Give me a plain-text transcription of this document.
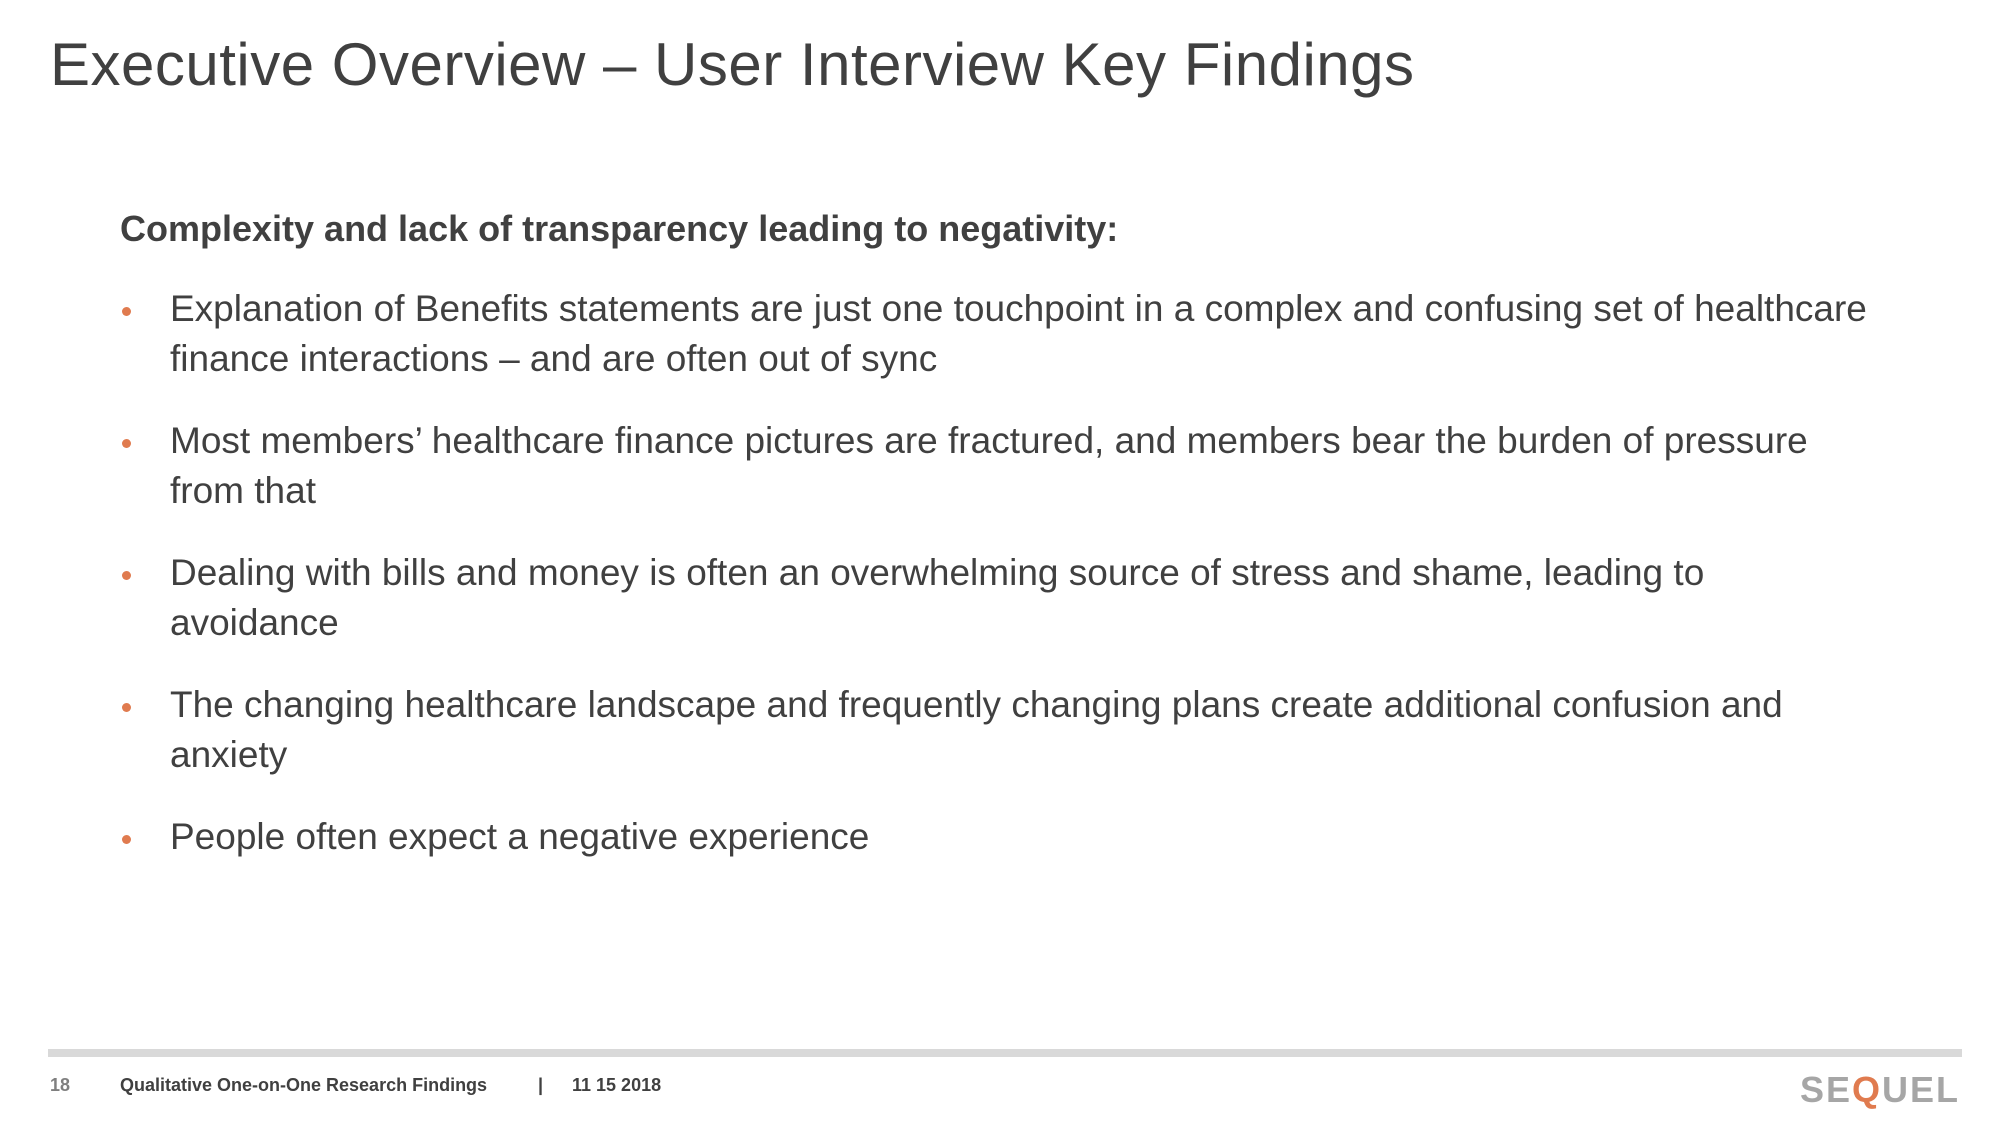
Executive Overview – User Interview Key Findings

Complexity and lack of transparency leading to negativity:

Explanation of Benefits statements are just one touchpoint in a complex and confusing set of healthcare finance interactions – and are often out of sync
Most members’ healthcare finance pictures are fractured, and members bear the burden of pressure from that
Dealing with bills and money is often an overwhelming source of stress and shame, leading to avoidance
The changing healthcare landscape and frequently changing plans create additional confusion and anxiety
People often expect a negative experience
18	Qualitative One-on-One Research Findings	| 11 15 2018	SEQUEL
